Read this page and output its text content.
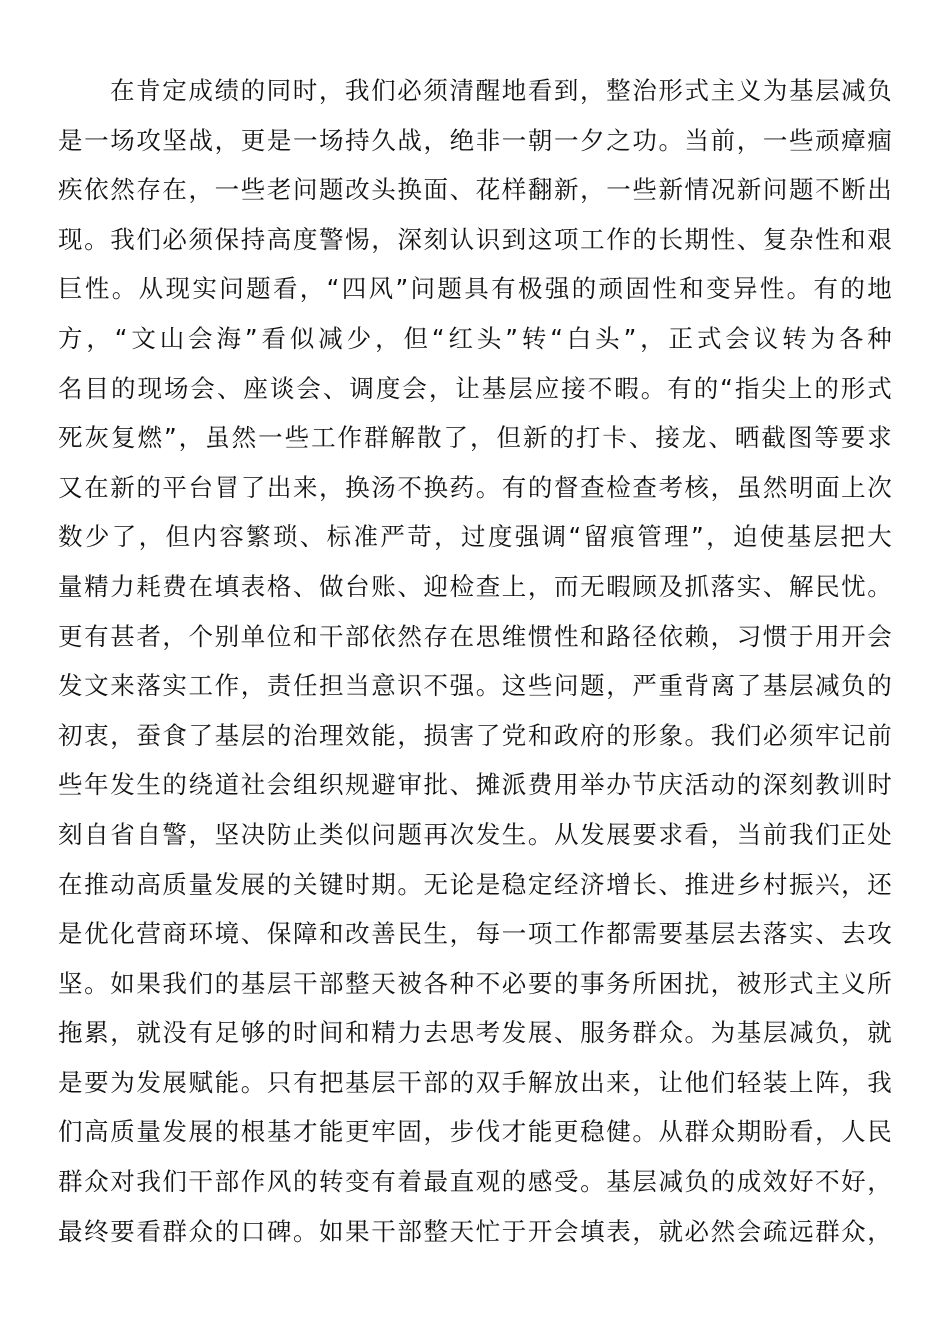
在肯定成绩的同时，我们必须清醒地看到，整治形式主义为基层减负
是一场攻坚战，更是一场持久战，绝非一朝一夕之功。当前，一些顽瘴痼
疾依然存在，一些老问题改头换面、花样翻新，一些新情况新问题不断出
现。我们必须保持高度警惕，深刻认识到这项工作的长期性、复杂性和艰
巨性。从现实问题看，“四风”问题具有极强的顽固性和变异性。有的地
方，“文山会海”看似减少，但“红头”转“白头”，正式会议转为各种
名目的现场会、座谈会、调度会，让基层应接不暇。有的“指尖上的形式
死灰复燃”，虽然一些工作群解散了，但新的打卡、接龙、晒截图等要求
又在新的平台冒了出来，换汤不换药。有的督查检查考核，虽然明面上次
数少了，但内容繁琐、标准严苛，过度强调“留痕管理”，迫使基层把大
量精力耗费在填表格、做台账、迎检查上，而无暇顾及抓落实、解民忧。
更有甚者，个别单位和干部依然存在思维惯性和路径依赖，习惯于用开会
发文来落实工作，责任担当意识不强。这些问题，严重背离了基层减负的
初衷，蚕食了基层的治理效能，损害了党和政府的形象。我们必须牢记前
些年发生的绕道社会组织规避审批、摊派费用举办节庆活动的深刻教训时
刻自省自警，坚决防止类似问题再次发生。从发展要求看，当前我们正处
在推动高质量发展的关键时期。无论是稳定经济增长、推进乡村振兴，还
是优化营商环境、保障和改善民生，每一项工作都需要基层去落实、去攻
坚。如果我们的基层干部整天被各种不必要的事务所困扰，被形式主义所
拖累，就没有足够的时间和精力去思考发展、服务群众。为基层减负，就
是要为发展赋能。只有把基层干部的双手解放出来，让他们轻装上阵，我
们高质量发展的根基才能更牢固，步伐才能更稳健。从群众期盼看，人民
群众对我们干部作风的转变有着最直观的感受。基层减负的成效好不好，
最终要看群众的口碑。如果干部整天忙于开会填表，就必然会疏远群众，
